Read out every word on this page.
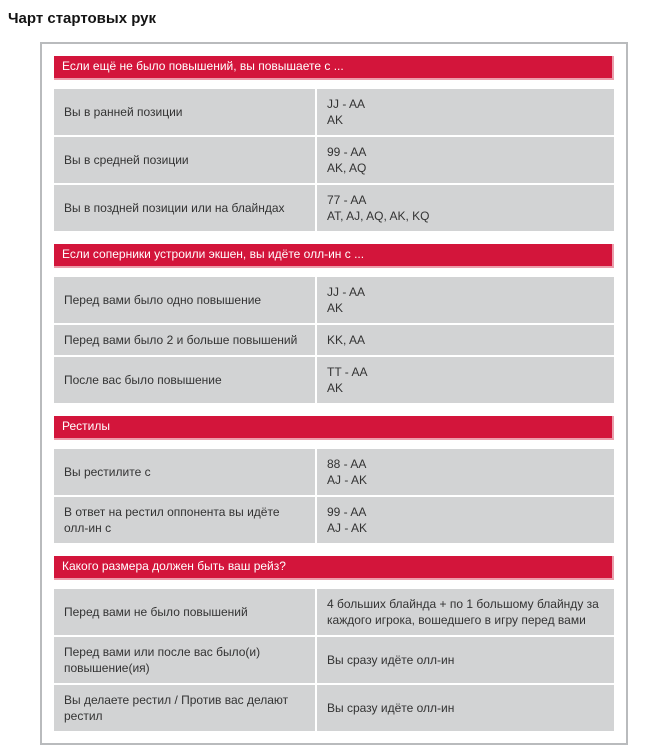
Чарт стартовых рук
Если ещё не было повышений, вы повышаете с ...
Вы в ранней позиции
JJ - AA
AK
Вы в средней позиции
99 - AA
AK, AQ
Вы в поздней позиции или на блайндах
77 - AA
AT, AJ, AQ, AK, KQ
Если соперники устроили экшен, вы идёте олл-ин с ...
Перед вами было одно повышение
JJ - AA
AK
Перед вами было 2 и больше повышений	KK, AA
После вас было повышение
TT - AA
AK
Рестилы
Вы рестилите с
88 - AA
AJ - AK
В ответ на рестил оппонента вы идёте олл-ин с
99 - AA
AJ - AK
Какого размера должен быть ваш рейз?
Перед вами не было повышений
4 больших блайнда + по 1 большому блайнду за каждого игрока, вошедшего в игру перед вами
Перед вами или после вас было(и) повышение(ия)
Вы сразу идёте олл-ин
Вы делаете рестил / Против вас делают рестил
Вы сразу идёте олл-ин
